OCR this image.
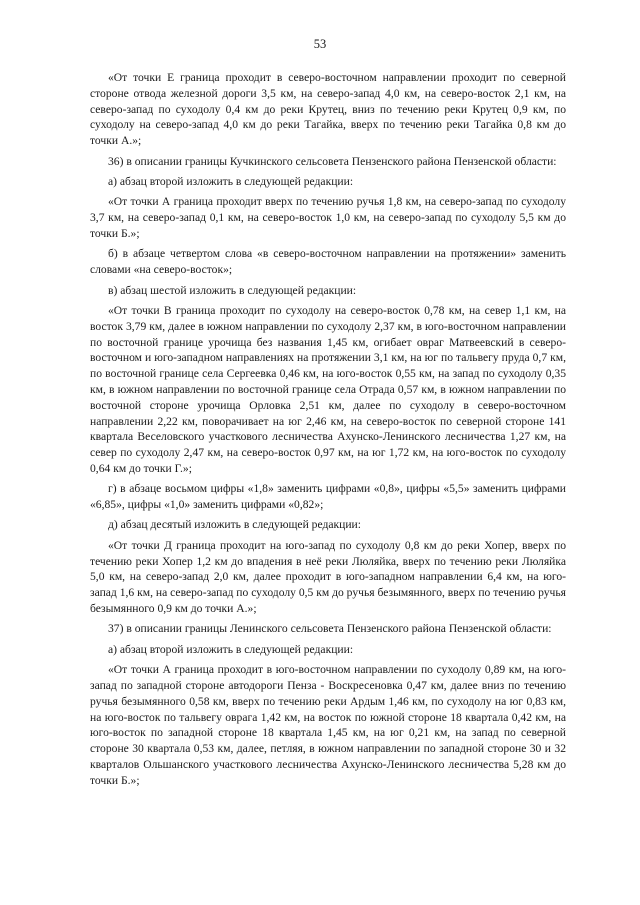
53

«От точки Е граница проходит в северо-восточном направлении проходит по северной стороне отвода железной дороги 3,5 км, на северо-запад 4,0 км, на северо-восток 2,1 км, на северо-запад по суходолу 0,4 км до реки Крутец, вниз по течению реки Крутец 0,9 км, по суходолу на северо-запад 4,0 км до реки Тагайка, вверх по течению реки Тагайка 0,8 км до точки А.»;

36) в описании границы Кучкинского сельсовета Пензенского района Пензенской области:

а) абзац второй изложить в следующей редакции:

«От точки А граница проходит вверх по течению ручья 1,8 км, на северо-запад по суходолу 3,7 км, на северо-запад 0,1 км, на северо-восток 1,0 км, на северо-запад по суходолу 5,5 км до точки Б.»;

б) в абзаце четвертом слова «в северо-восточном направлении на протяжении» заменить словами «на северо-восток»;

в) абзац шестой изложить в следующей редакции:

«От точки В граница проходит по суходолу на северо-восток 0,78 км, на север 1,1 км, на восток 3,79 км, далее в южном направлении по суходолу 2,37 км, в юго-восточном направлении по восточной границе урочища без названия 1,45 км, огибает овраг Матвеевский в северо-восточном и юго-западном направлениях на протяжении 3,1 км, на юг по тальвегу пруда 0,7 км, по восточной границе села Сергеевка 0,46 км, на юго-восток 0,55 км, на запад по суходолу 0,35 км, в южном направлении по восточной границе села Отрада 0,57 км, в южном направлении по восточной стороне урочища Орловка 2,51 км, далее по суходолу в северо-восточном направлении 2,22 км, поворачивает на юг 2,46 км, на северо-восток по северной стороне 141 квартала Веселовского участкового лесничества Ахунско-Ленинского лесничества 1,27 км, на север по суходолу 2,47 км, на северо-восток 0,97 км, на юг 1,72 км, на юго-восток по суходолу 0,64 км до точки Г.»;

г) в абзаце восьмом цифры «1,8» заменить цифрами «0,8», цифры «5,5» заменить цифрами «6,85», цифры «1,0» заменить цифрами «0,82»;

д) абзац десятый изложить в следующей редакции:

«От точки Д граница проходит на юго-запад по суходолу 0,8 км до реки Хопер, вверх по течению реки Хопер 1,2 км до впадения в неё реки Люляйка, вверх по течению реки Люляйка 5,0 км, на северо-запад 2,0 км, далее проходит в юго-западном направлении 6,4 км, на юго-запад 1,6 км, на северо-запад по суходолу 0,5 км до ручья безымянного, вверх по течению ручья безымянного 0,9 км до точки А.»;

37) в описании границы Ленинского сельсовета Пензенского района Пензенской области:

а) абзац второй изложить в следующей редакции:

«От точки А граница проходит в юго-восточном направлении по суходолу 0,89 км, на юго-запад по западной стороне автодороги Пенза - Воскресеновка 0,47 км, далее вниз по течению ручья безымянного 0,58 км, вверх по течению реки Ардым 1,46 км, по суходолу на юг 0,83 км, на юго-восток по тальвегу оврага 1,42 км, на восток по южной стороне 18 квартала 0,42 км, на юго-восток по западной стороне 18 квартала 1,45 км, на юг 0,21 км, на запад по северной стороне 30 квартала 0,53 км, далее, петляя, в южном направлении по западной стороне 30 и 32 кварталов Ольшанского участкового лесничества Ахунско-Ленинского лесничества 5,28 км до точки Б.»;
